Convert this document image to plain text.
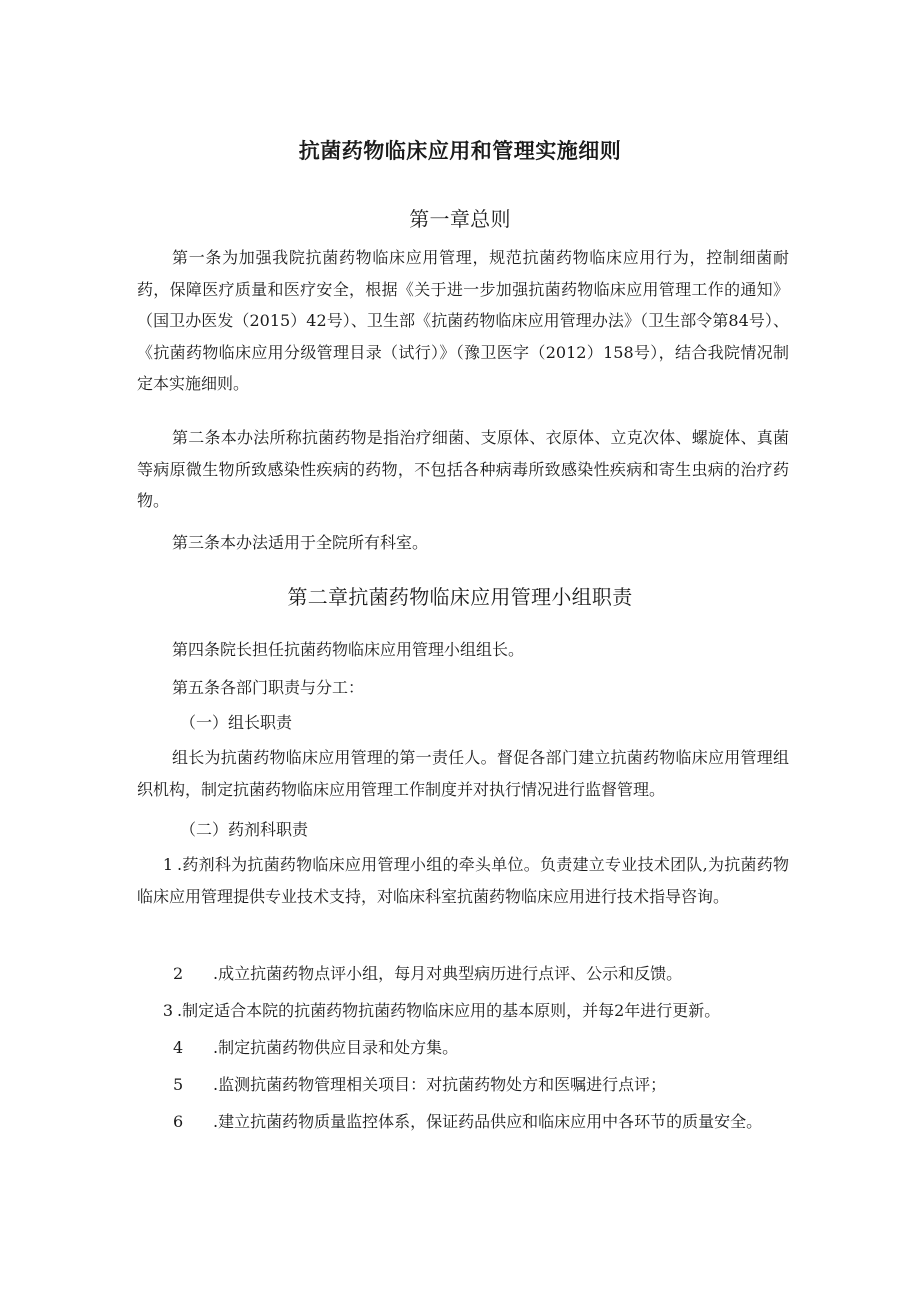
抗菌药物临床应用和管理实施细则
第一章总则
第一条为加强我院抗菌药物临床应用管理，规范抗菌药物临床应用行为，控制细菌耐药，保障医疗质量和医疗安全，根据《关于进一步加强抗菌药物临床应用管理工作的通知》（国卫办医发（2015）42号）、卫生部《抗菌药物临床应用管理办法》（卫生部令第84号）、《抗菌药物临床应用分级管理目录（试行）》（豫卫医字（2012）158号），结合我院情况制定本实施细则。
第二条本办法所称抗菌药物是指治疗细菌、支原体、衣原体、立克次体、螺旋体、真菌等病原微生物所致感染性疾病的药物，不包括各种病毒所致感染性疾病和寄生虫病的治疗药物。
第三条本办法适用于全院所有科室。
第二章抗菌药物临床应用管理小组职责
第四条院长担任抗菌药物临床应用管理小组组长。
第五条各部门职责与分工：
（一）组长职责
组长为抗菌药物临床应用管理的第一责任人。督促各部门建立抗菌药物临床应用管理组织机构，制定抗菌药物临床应用管理工作制度并对执行情况进行监督管理。
（二）药剂科职责
1 .药剂科为抗菌药物临床应用管理小组的牵头单位。负责建立专业技术团队,为抗菌药物临床应用管理提供专业技术支持，对临床科室抗菌药物临床应用进行技术指导咨询。
2 .成立抗菌药物点评小组，每月对典型病历进行点评、公示和反馈。
3 .制定适合本院的抗菌药物抗菌药物临床应用的基本原则，并每2年进行更新。
4 .制定抗菌药物供应目录和处方集。
5 .监测抗菌药物管理相关项目：对抗菌药物处方和医嘱进行点评；
6 .建立抗菌药物质量监控体系，保证药品供应和临床应用中各环节的质量安全。
